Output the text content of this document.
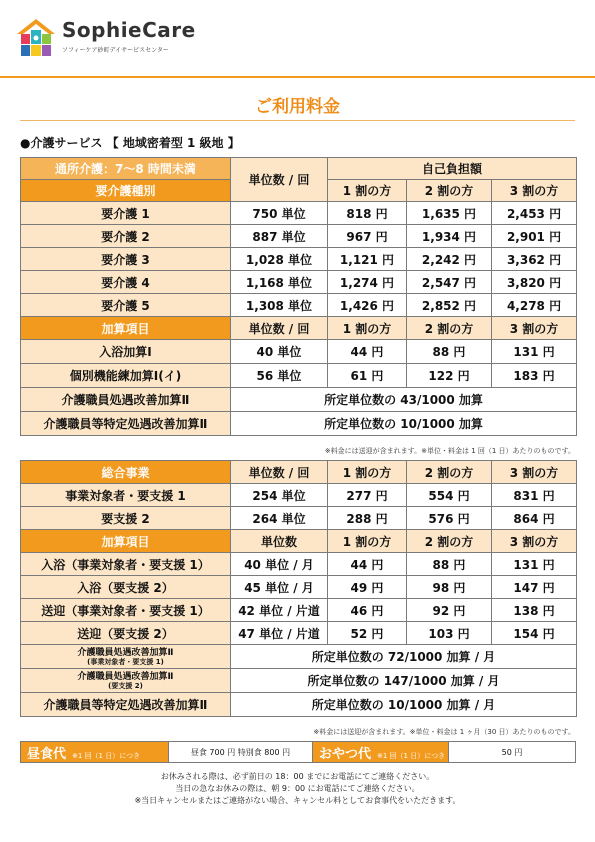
SophieCare
ソフィーケア砂町デイサービスセンター
ご利用料金
●介護サービス 【 地域密着型 1 級地 】
通所介護：7〜8 時間未満	単位数 / 回	自己負担額		
要介護種別		1 割の方	2 割の方	3 割の方
要介護 1	750 単位	818 円	1,635 円	2,453 円
要介護 2	887 単位	967 円	1,934 円	2,901 円
要介護 3	1,028 単位	1,121 円	2,242 円	3,362 円
要介護 4	1,168 単位	1,274 円	2,547 円	3,820 円
要介護 5	1,308 単位	1,426 円	2,852 円	4,278 円
加算項目	単位数 / 回	1 割の方	2 割の方	3 割の方
入浴加算Ⅰ	40 単位	44 円	88 円	131 円
個別機能練加算Ⅰ(イ)	56 単位	61 円	122 円	183 円
介護職員処遇改善加算Ⅱ	所定単位数の 43/1000 加算			
介護職員等特定処遇改善加算Ⅱ	所定単位数の 10/1000 加算			
※料金には送迎が含まれます。※単位・料金は 1 回（1 日）あたりのものです。
総合事業	単位数 / 回	1 割の方	2 割の方	3 割の方
事業対象者・要支援 1	254 単位	277 円	554 円	831 円
要支援 2	264 単位	288 円	576 円	864 円
加算項目	単位数	1 割の方	2 割の方	3 割の方
入浴（事業対象者・要支援 1）	40 単位 / 月	44 円	88 円	131 円
入浴（要支援 2）	45 単位 / 月	49 円	98 円	147 円
送迎（事業対象者・要支援 1）	42 単位 / 片道	46 円	92 円	138 円
送迎（要支援 2）	47 単位 / 片道	52 円	103 円	154 円
介護職員処遇改善加算Ⅱ
(事業対象者・要支援 1)	所定単位数の 72/1000 加算 / 月			
介護職員処遇改善加算Ⅱ
(要支援 2)	所定単位数の 147/1000 加算 / 月			
介護職員等特定処遇改善加算Ⅱ	所定単位数の 10/1000 加算 / 月			
※料金には送迎が含まれます。※単位・料金は 1 ヶ月（30 日）あたりのものです。
昼食代 ※1 回（1 日）につき	昼食 700 円 特別食 800 円	おやつ代 ※1 回（1 日）につき	50 円
お休みされる際は、必ず前日の 18：00 までにお電話にてご連絡ください。
当日の急なお休みの際は、朝 9：00 にお電話にてご連絡ください。
※当日キャンセルまたはご連絡がない場合、キャンセル料としてお食事代をいただきます。
